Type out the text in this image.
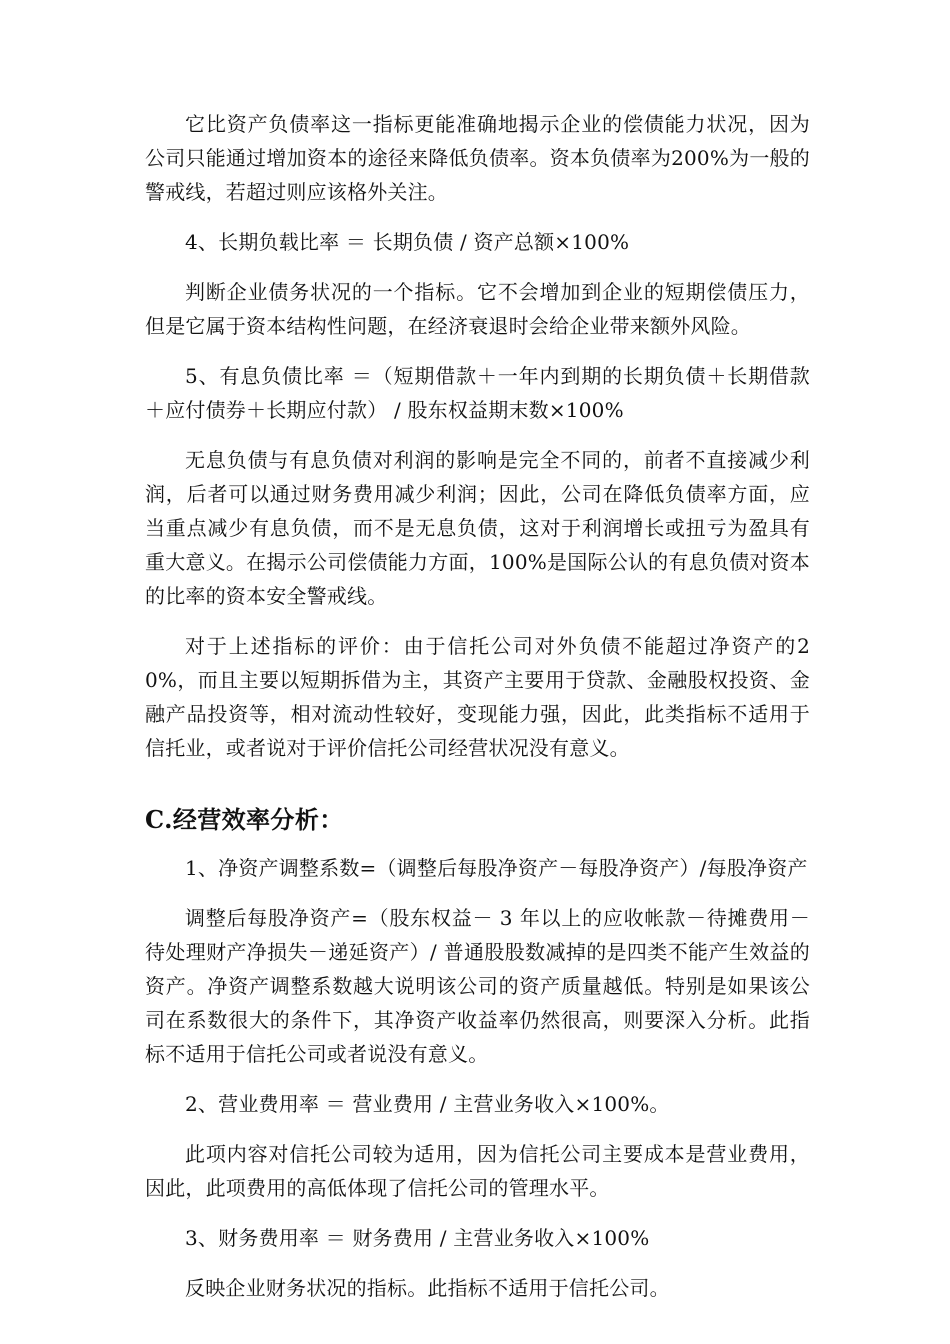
它比资产负债率这一指标更能准确地揭示企业的偿债能力状况，因为公司只能通过增加资本的途径来降低负债率。资本负债率为200%为一般的警戒线，若超过则应该格外关注。

4、长期负载比率 ＝ 长期负债 / 资产总额×100%

判断企业债务状况的一个指标。它不会增加到企业的短期偿债压力，但是它属于资本结构性问题，在经济衰退时会给企业带来额外风险。

5、有息负债比率 ＝（短期借款＋一年内到期的长期负债＋长期借款＋应付债券＋长期应付款） / 股东权益期末数×100%

无息负债与有息负债对利润的影响是完全不同的，前者不直接减少利润，后者可以通过财务费用减少利润；因此，公司在降低负债率方面，应当重点减少有息负债，而不是无息负债，这对于利润增长或扭亏为盈具有重大意义。在揭示公司偿债能力方面，100%是国际公认的有息负债对资本的比率的资本安全警戒线。

对于上述指标的评价：由于信托公司对外负债不能超过净资产的20%，而且主要以短期拆借为主，其资产主要用于贷款、金融股权投资、金融产品投资等，相对流动性较好，变现能力强，因此，此类指标不适用于信托业，或者说对于评价信托公司经营状况没有意义。

C.经营效率分析：

1、净资产调整系数=（调整后每股净资产－每股净资产）/每股净资产

调整后每股净资产=（股东权益－ 3 年以上的应收帐款－待摊费用－待处理财产净损失－递延资产）/ 普通股股数减掉的是四类不能产生效益的资产。净资产调整系数越大说明该公司的资产质量越低。特别是如果该公司在系数很大的条件下，其净资产收益率仍然很高，则要深入分析。此指标不适用于信托公司或者说没有意义。

2、营业费用率 ＝ 营业费用 / 主营业务收入×100%。

此项内容对信托公司较为适用，因为信托公司主要成本是营业费用，因此，此项费用的高低体现了信托公司的管理水平。

3、财务费用率 ＝ 财务费用 / 主营业务收入×100%

反映企业财务状况的指标。此指标不适用于信托公司。
